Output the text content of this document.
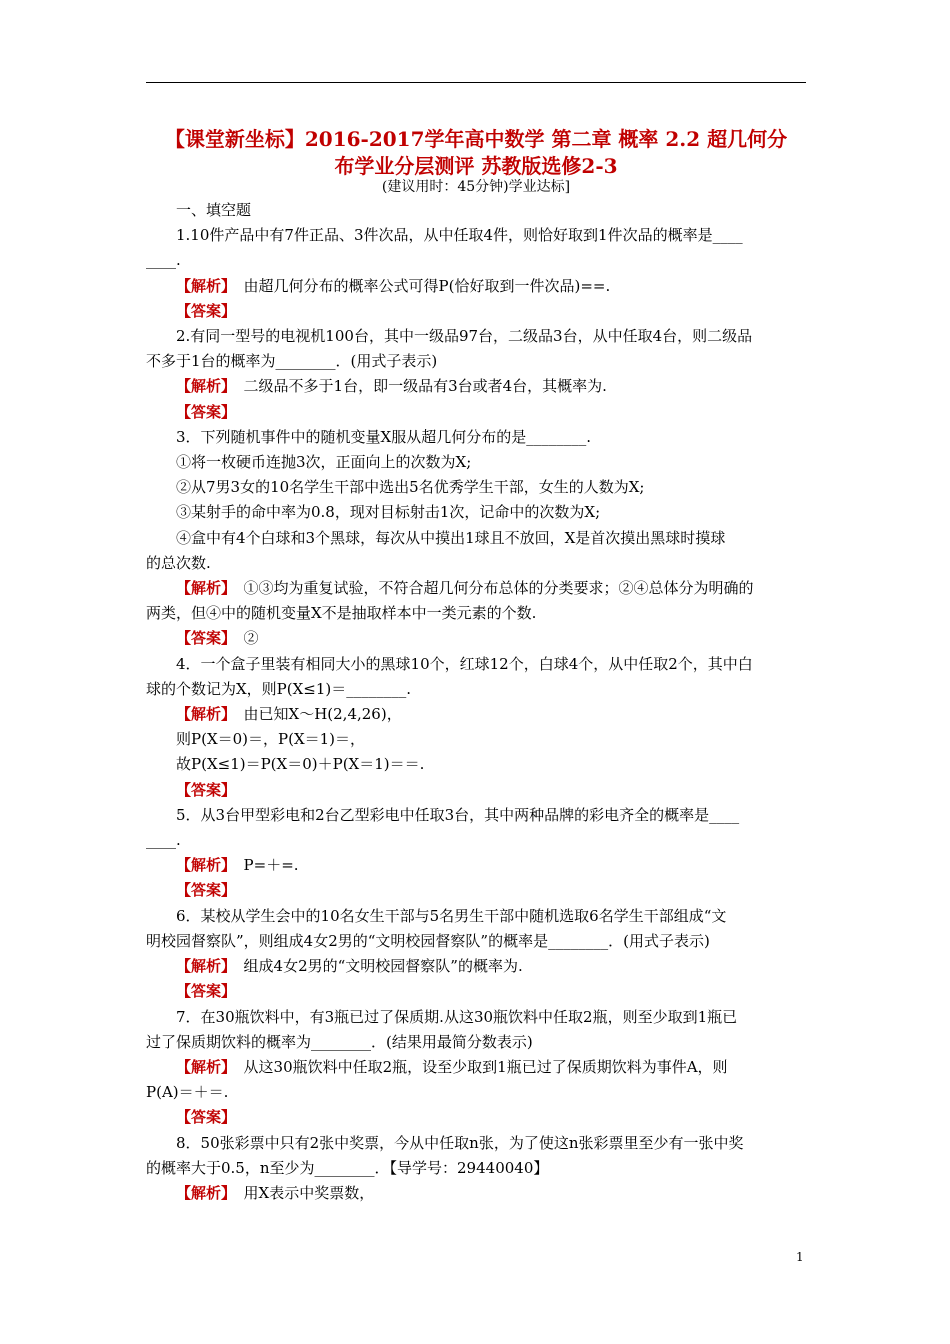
【课堂新坐标】2016-2017学年高中数学 第二章 概率 2.2 超几何分
布学业分层测评 苏教版选修2-3
(建议用时：45分钟)学业达标]

一、填空题

1.10件产品中有7件正品、3件次品，从中任取4件，则恰好取到1件次品的概率是____

____.

【解析】　 由超几何分布的概率公式可得P(恰好取到一件次品)==.

【答案】

2.有同一型号的电视机100台，其中一级品97台，二级品3台，从中任取4台，则二级品

不多于1台的概率为________．(用式子表示)

【解析】　 二级品不多于1台，即一级品有3台或者4台，其概率为.

【答案】

3．下列随机事件中的随机变量X服从超几何分布的是________.

①将一枚硬币连抛3次，正面向上的次数为X;

②从7男3女的10名学生干部中选出5名优秀学生干部，女生的人数为X;

③某射手的命中率为0.8，现对目标射击1次，记命中的次数为X;

④盒中有4个白球和3个黑球，每次从中摸出1球且不放回，X是首次摸出黑球时摸球

的总次数.

【解析】　 ①③均为重复试验，不符合超几何分布总体的分类要求；②④总体分为明确的

两类，但④中的随机变量X不是抽取样本中一类元素的个数.

【答案】　 ②

4．一个盒子里装有相同大小的黑球10个，红球12个，白球4个，从中任取2个，其中白

球的个数记为X，则P(X≤1)＝________.

【解析】　 由已知X～H(2,4,26)，

则P(X＝0)＝，P(X＝1)＝，

故P(X≤1)＝P(X＝0)＋P(X＝1)＝＝.

【答案】

5．从3台甲型彩电和2台乙型彩电中任取3台，其中两种品牌的彩电齐全的概率是____

____.

【解析】　 P=＋=.

【答案】

6．某校从学生会中的10名女生干部与5名男生干部中随机选取6名学生干部组成“文

明校园督察队”，则组成4女2男的“文明校园督察队”的概率是________．(用式子表示)

【解析】　 组成4女2男的“文明校园督察队”的概率为.

【答案】

7．在30瓶饮料中，有3瓶已过了保质期.从这30瓶饮料中任取2瓶，则至少取到1瓶已

过了保质期饮料的概率为________．(结果用最简分数表示)

【解析】　 从这30瓶饮料中任取2瓶，设至少取到1瓶已过了保质期饮料为事件A，则

P(A)＝＋＝.

【答案】

8．50张彩票中只有2张中奖票，今从中任取n张，为了使这n张彩票里至少有一张中奖

的概率大于0.5，n至少为________．【导学号：29440040】

【解析】　 用X表示中奖票数，

1
